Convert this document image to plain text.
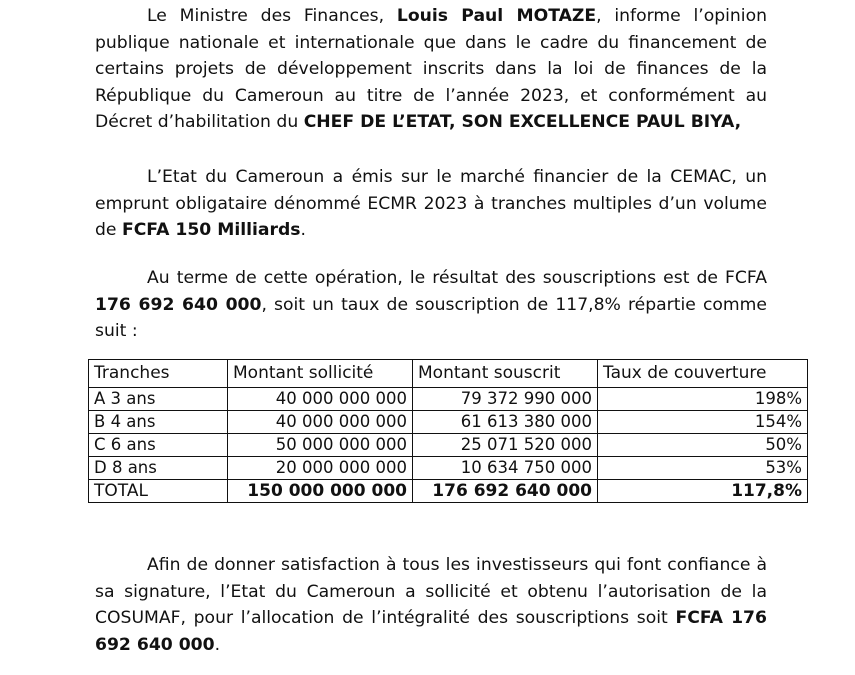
Le Ministre des Finances, Louis Paul MOTAZE, informe l’opinion publique nationale et internationale que dans le cadre du financement de certains projets de développement inscrits dans la loi de finances de la République du Cameroun au titre de l’année 2023, et conformément au Décret d’habilitation du CHEF DE L’ETAT, SON EXCELLENCE PAUL BIYA,

L’Etat du Cameroun a émis sur le marché financier de la CEMAC, un emprunt obligataire dénommé ECMR 2023 à tranches multiples d’un volume de FCFA 150 Milliards.

Au terme de cette opération, le résultat des souscriptions est de FCFA 176 692 640 000, soit un taux de souscription de 117,8% répartie comme suit :

Tranches	Montant sollicité	Montant souscrit	Taux de couverture
A 3 ans	40 000 000 000	79 372 990 000	198%
B 4 ans	40 000 000 000	61 613 380 000	154%
C 6 ans	50 000 000 000	25 071 520 000	50%
D 8 ans	20 000 000 000	10 634 750 000	53%
TOTAL	150 000 000 000	176 692 640 000	117,8%

Afin de donner satisfaction à tous les investisseurs qui font confiance à sa signature, l’Etat du Cameroun a sollicité et obtenu l’autorisation de la COSUMAF, pour l’allocation de l’intégralité des souscriptions soit FCFA 176 692 640 000.
